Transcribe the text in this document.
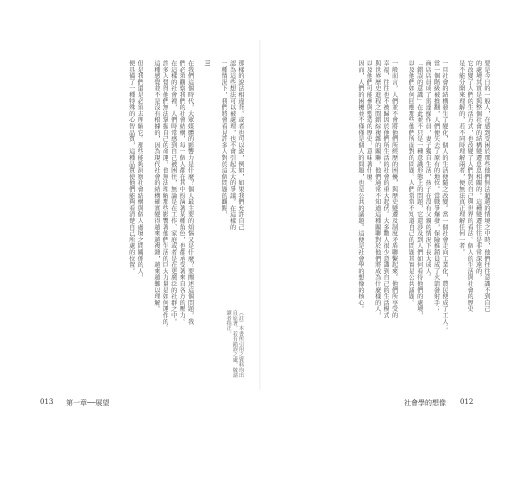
那樣的說法相違背。或者也可以說，例如，如果我們允許自己
認為這些想法可以被處理，也不會引起太大的爭議。在這樣的
一種情況下，我們將會看見許多人對於這個問題的觀點，
三
在我們這個時代，大眾媒體的影響力是什麼？個人最主要的煩惱又是什麼？要闡述這個問題，我
們必須觀察我們的社會結構，每一個人都在其中扮演著某種角色，也都承受著來自各方的壓力。
在這樣的社會裡，人們時常感到自己被困住，無論是在工作、家庭或者是在更廣泛的社群之中。
許多人覺得他們無法掌握自己的命運，也無法理解那些影響著他們生活的巨大力量是如何運作的。
這種感覺並不是沒有根據的，因為現代社會的結構確實變得越來越複雜，越來越難以理解。
但是我們還是必須去理解它。那些能夠洞察社會結構與個人處境之間關係的人，
便具備了一種特殊的心智品質，這種品質使他們能夠看清楚自己所處的位置。
（註）本書所引用之資料均出自原著，若有錯誤之處，敬請讀者指正。
要是今日的一般人，在感到受困於那些他們無法超越的情境之中時，他們往往意識不到自己
的處境其實是與整個社會的結構變遷息息相關的。這種變遷往往是非常深遠的，
它改變了人們的生活方式，也改變了人們對於自己與世界的看法。個人的生活與社會的歷史
是不能分開來理解的，若不同時理解兩者，便無法真正理解任何一者。
一旦社會的結構發生了變化，個人的生活便隨之改變。當一個社會走向工業化，農民便成了工人；
當一個階級被推翻，人們便失去了原有的地位。當戰爭爆發，保險推銷員成了火箭發射手；
商店店員成了雷達操作員，妻子獨自生活，孩子在沒有父親的情況下長大成人。
「錯誤的意識」在此並不只是一種意識形態上的問題，它還涉及到人們如何看待他們的處境，
以及他們如何回應那些他們所面對的問題。人們常常不知道自己的問題其實是公共議題。
一般而言，人們並不會將他們所經歷的困擾，與歷史變遷及制度矛盾聯繫起來。他們所享受的
幸福，往往也不被歸因於他們所生活的社會的重大起伏。大多數人很少意識到自己的生活模式
與世界歷史進程之間錯綜複雜的關聯，他們通常不知道這種關聯對於他們將成為什麼樣的人，
以及他們可能參與塑造的歷史，意味著什麼。
因而，人們的困擾並不僅僅是個人的問題，也是公共的議題。這便是社會學的想像的核心。
013 第一章──展望	社會學的想像 012
